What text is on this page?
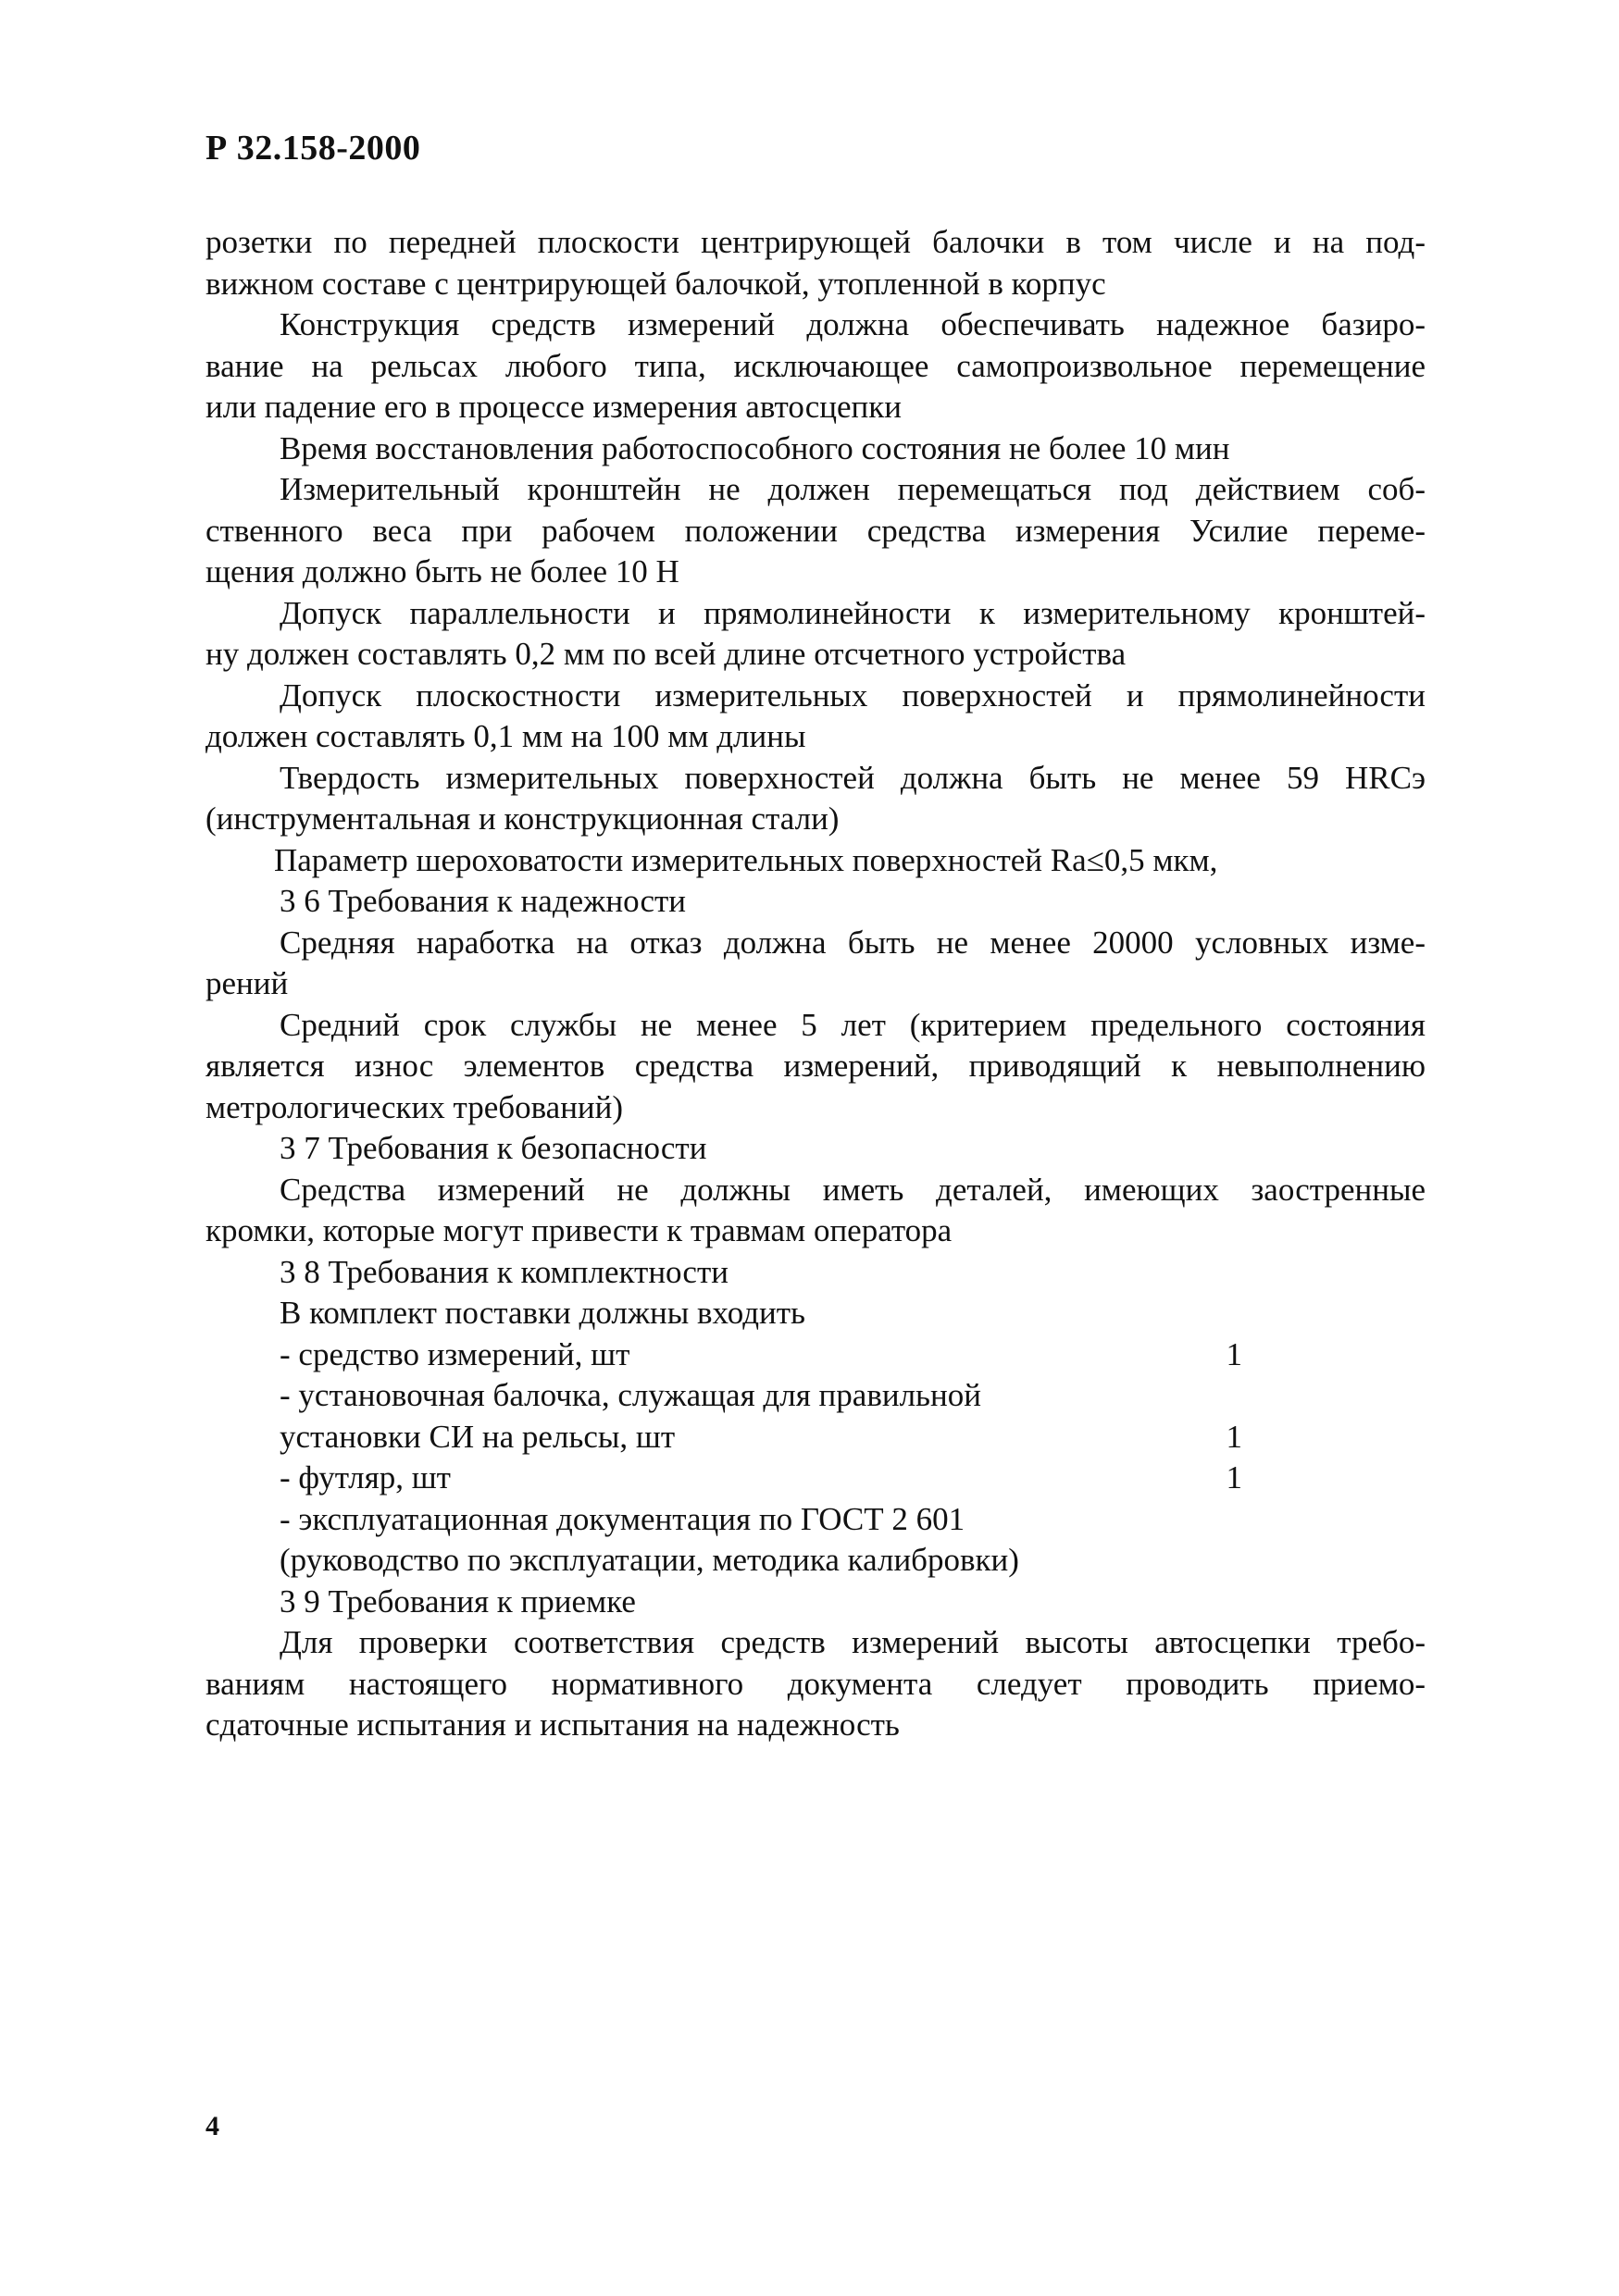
Р 32.158-2000

розетки по передней плоскости центрирующей балочки в том числе и на под-
вижном составе с центрирующей балочкой, утопленной в корпус

Конструкция средств измерений должна обеспечивать надежное базиро-
вание на рельсах любого типа, исключающее самопроизвольное перемещение
или падение его в процессе измерения автосцепки

Время восстановления работоспособного состояния не более 10 мин

Измерительный кронштейн не должен перемещаться под действием соб-
ственного веса при рабочем положении средства измерения Усилие переме-
щения должно быть не более 10 Н

Допуск параллельности и прямолинейности к измерительному кронштей-
ну должен составлять 0,2 мм по всей длине отсчетного устройства

Допуск плоскостности измерительных поверхностей и прямолинейности
должен составлять 0,1 мм на 100 мм длины

Твердость измерительных поверхностей должна быть не менее 59 HRCэ
(инструментальная и конструкционная стали)

Параметр шероховатости измерительных поверхностей Ra≤0,5 мкм,

3 6 Требования к надежности

Средняя наработка на отказ должна быть не менее 20000 условных изме-
рений

Средний срок службы не менее 5 лет (критерием предельного состояния
является износ элементов средства измерений, приводящий к невыполнению
метрологических требований)

3 7 Требования к безопасности

Средства измерений не должны иметь деталей, имеющих заостренные
кромки, которые могут привести к травмам оператора

3 8 Требования к комплектности

В комплект поставки должны входить

- средство измерений, шт	1
- установочная балочка, служащая для правильной
установки СИ на рельсы, шт	1
- футляр, шт	1
- эксплуатационная документация по ГОСТ 2 601
(руководство по эксплуатации, методика калибровки)

3 9 Требования к приемке

Для проверки соответствия средств измерений высоты автосцепки требо-
ваниям настоящего нормативного документа следует проводить приемо-
сдаточные испытания и испытания на надежность

4
